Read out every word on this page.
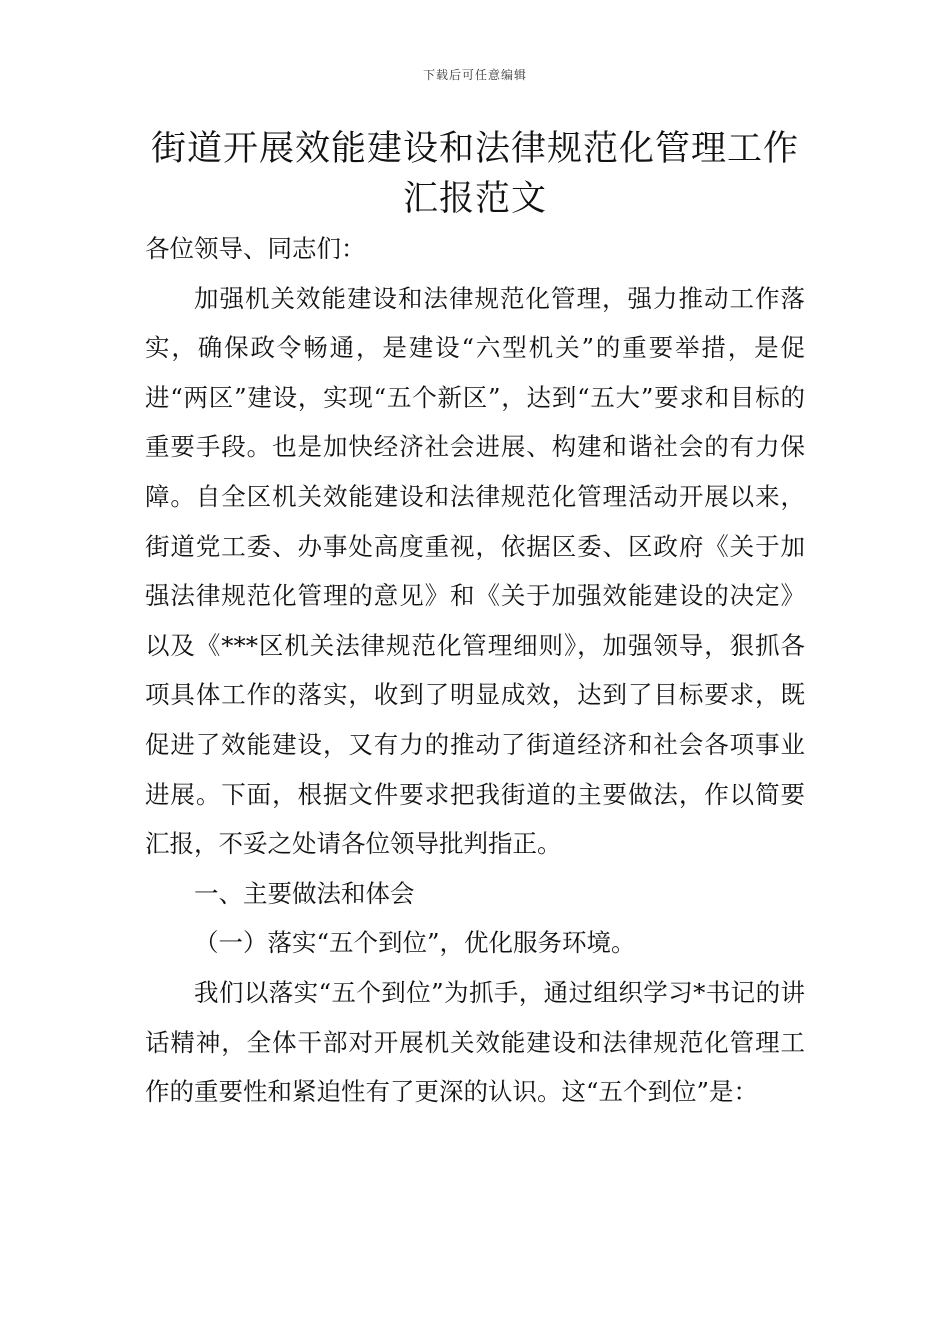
下载后可任意编辑
街道开展效能建设和法律规范化管理工作汇报范文

各位领导、同志们：

加强机关效能建设和法律规范化管理，强力推动工作落实，确保政令畅通，是建设“六型机关”的重要举措，是促进“两区”建设，实现“五个新区”，达到“五大”要求和目标的重要手段。也是加快经济社会进展、构建和谐社会的有力保障。自全区机关效能建设和法律规范化管理活动开展以来，街道党工委、办事处高度重视，依据区委、区政府《关于加强法律规范化管理的意见》和《关于加强效能建设的决定》以及《***区机关法律规范化管理细则》，加强领导，狠抓各项具体工作的落实，收到了明显成效，达到了目标要求，既促进了效能建设，又有力的推动了街道经济和社会各项事业进展。下面，根据文件要求把我街道的主要做法，作以简要汇报，不妥之处请各位领导批判指正。

一、主要做法和体会

（一）落实“五个到位”，优化服务环境。

我们以落实“五个到位”为抓手，通过组织学习*书记的讲话精神，全体干部对开展机关效能建设和法律规范化管理工作的重要性和紧迫性有了更深的认识。这“五个到位”是：
